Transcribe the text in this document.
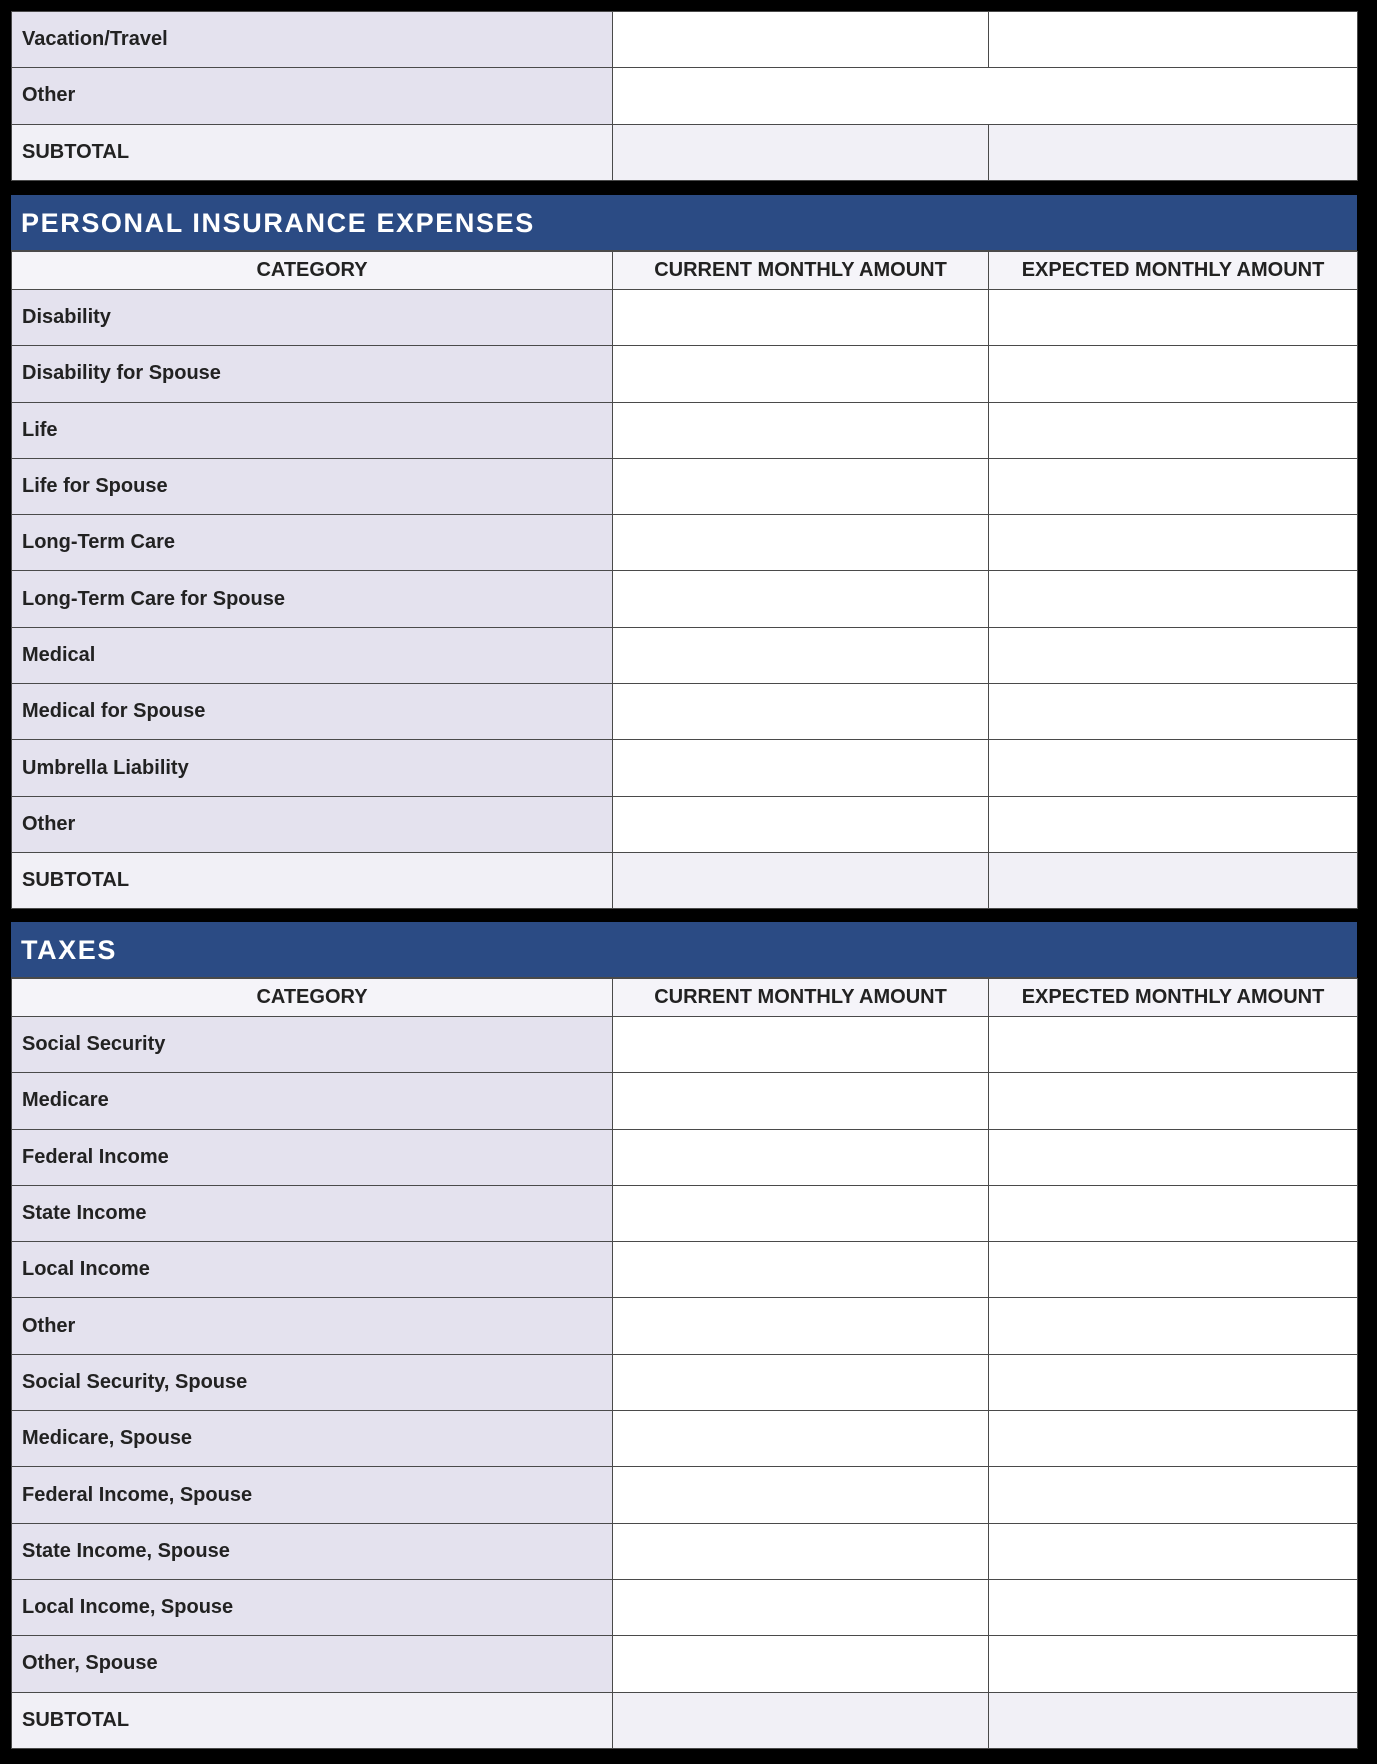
Vacation/Travel		
Other		
SUBTOTAL		
PERSONAL INSURANCE EXPENSES
CATEGORY	CURRENT MONTHLY AMOUNT	EXPECTED MONTHLY AMOUNT
Disability		
Disability for Spouse		
Life		
Life for Spouse		
Long-Term Care		
Long-Term Care for Spouse		
Medical		
Medical for Spouse		
Umbrella Liability		
Other		
SUBTOTAL		
TAXES
CATEGORY	CURRENT MONTHLY AMOUNT	EXPECTED MONTHLY AMOUNT
Social Security		
Medicare		
Federal Income		
State Income		
Local Income		
Other		
Social Security, Spouse		
Medicare, Spouse		
Federal Income, Spouse		
State Income, Spouse		
Local Income, Spouse		
Other, Spouse		
SUBTOTAL		
